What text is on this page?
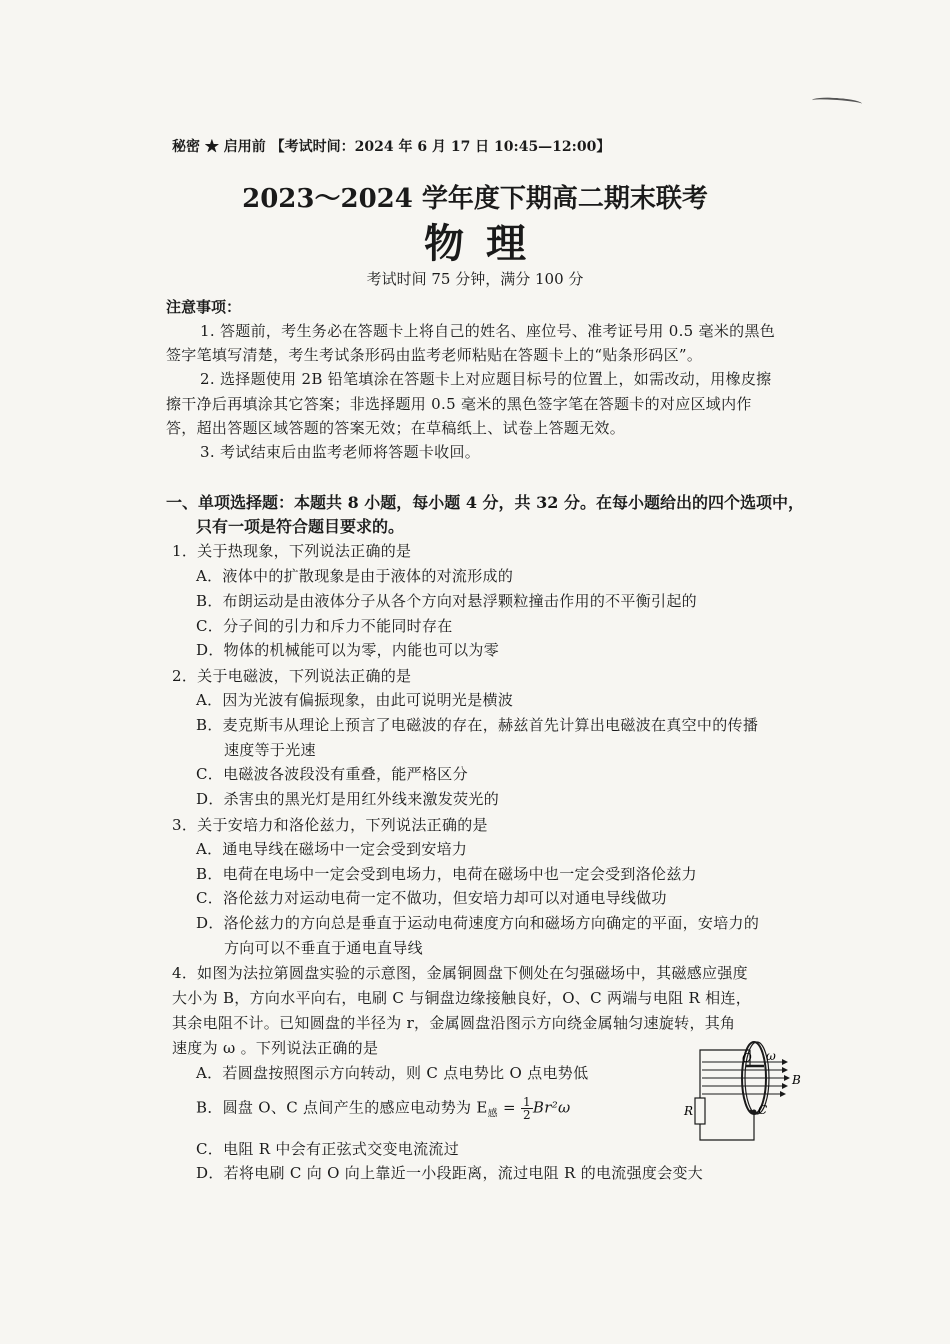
秘密 ★ 启用前 【考试时间：2024 年 6 月 17 日 10:45—12:00】
2023～2024 学年度下期高二期末联考
物理
考试时间 75 分钟，满分 100 分
注意事项：
1. 答题前，考生务必在答题卡上将自己的姓名、座位号、准考证号用 0.5 毫米的黑色
签字笔填写清楚，考生考试条形码由监考老师粘贴在答题卡上的“贴条形码区”。
2. 选择题使用 2B 铅笔填涂在答题卡上对应题目标号的位置上，如需改动，用橡皮擦
擦干净后再填涂其它答案；非选择题用 0.5 毫米的黑色签字笔在答题卡的对应区域内作
答，超出答题区域答题的答案无效；在草稿纸上、试卷上答题无效。
3. 考试结束后由监考老师将答题卡收回。
一、单项选择题：本题共 8 小题，每小题 4 分，共 32 分。在每小题给出的四个选项中，
只有一项是符合题目要求的。
1．关于热现象，下列说法正确的是
A．液体中的扩散现象是由于液体的对流形成的
B．布朗运动是由液体分子从各个方向对悬浮颗粒撞击作用的不平衡引起的
C．分子间的引力和斥力不能同时存在
D．物体的机械能可以为零，内能也可以为零
2．关于电磁波，下列说法正确的是
A．因为光波有偏振现象，由此可说明光是横波
B．麦克斯韦从理论上预言了电磁波的存在，赫兹首先计算出电磁波在真空中的传播
速度等于光速
C．电磁波各波段没有重叠，能严格区分
D．杀害虫的黑光灯是用红外线来激发荧光的
3．关于安培力和洛伦兹力，下列说法正确的是
A．通电导线在磁场中一定会受到安培力
B．电荷在电场中一定会受到电场力，电荷在磁场中也一定会受到洛伦兹力
C．洛伦兹力对运动电荷一定不做功，但安培力却可以对通电导线做功
D．洛伦兹力的方向总是垂直于运动电荷速度方向和磁场方向确定的平面，安培力的
方向可以不垂直于通电直导线
4．如图为法拉第圆盘实验的示意图，金属铜圆盘下侧处在匀强磁场中，其磁感应强度
大小为 B，方向水平向右，电刷 C 与铜盘边缘接触良好，O、C 两端与电阻 R 相连，
其余电阻不计。已知圆盘的半径为 r，金属圆盘沿图示方向绕金属轴匀速旋转，其角
速度为 ω 。下列说法正确的是
A．若圆盘按照图示方向转动，则 C 点电势比 O 点电势低
B．圆盘 O、C 点间产生的感应电动势为 $E_感 = \frac{1}{2} Br^2\omega$
C．电阻 R 中会有正弦式交变电流流过
D．若将电刷 C 向 O 向上靠近一小段距离，流过电阻 R 的电流强度会变大
O ω
B
R	C
